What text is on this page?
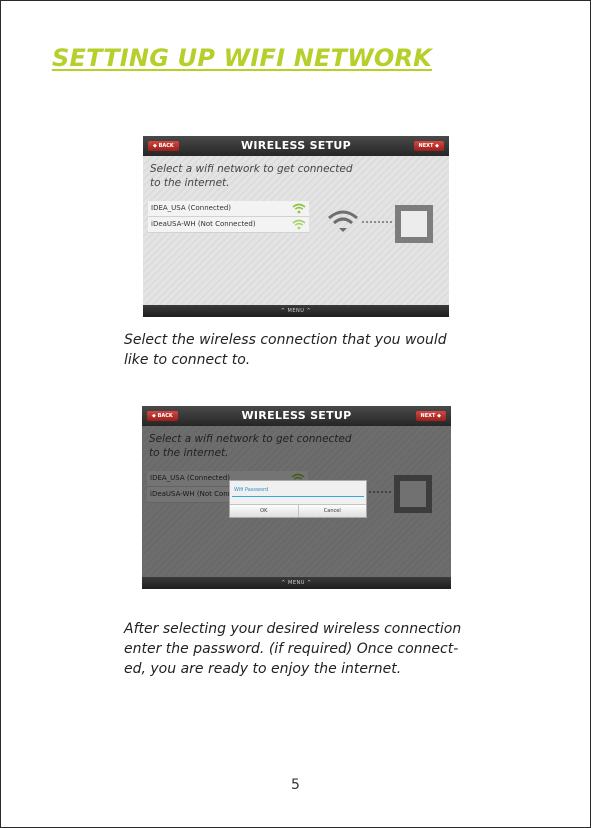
SETTING UP WIFI NETWORK
◆ BACK	WIRELESS SETUP	NEXT ◆

Select a wifi network to get connected
to the internet.

IDEA_USA (Connected)
iDeaUSA-WH (Not Connected)
^ MENU ^

Select the wireless connection that you would
like to connect to.

◆ BACK	WIRELESS SETUP	NEXT ◆

^ MENU ^
Wifi Password
OK	Cancel

After selecting your desired wireless connection
enter the password. (if required) Once connect-
ed, you are ready to enjoy the internet.

5
